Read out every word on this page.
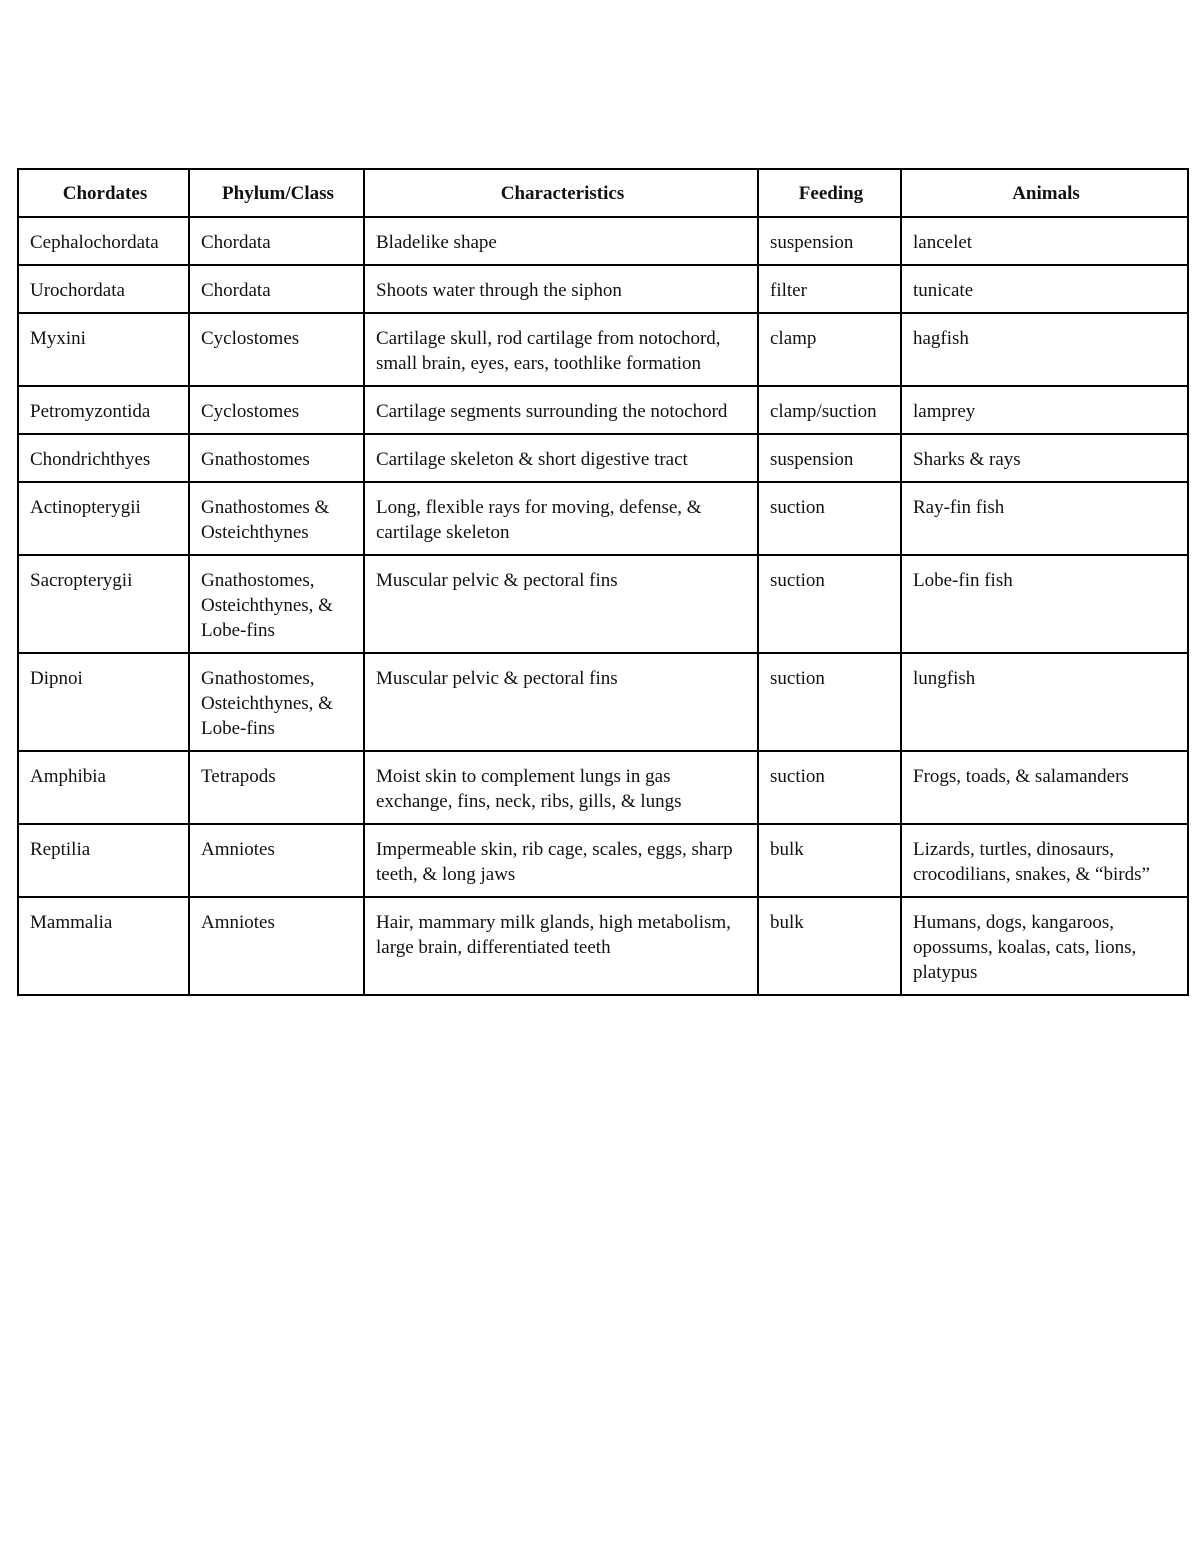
Chordates	Phylum/Class	Characteristics	Feeding	Animals
Cephalochordata	Chordata	Bladelike shape	suspension	lancelet
Urochordata	Chordata	Shoots water through the siphon	filter	tunicate
Myxini	Cyclostomes	Cartilage skull, rod cartilage from notochord, small brain, eyes, ears, toothlike formation	clamp	hagfish
Petromyzontida	Cyclostomes	Cartilage segments surrounding the notochord	clamp/suction	lamprey
Chondrichthyes	Gnathostomes	Cartilage skeleton & short digestive tract	suspension	Sharks & rays
Actinopterygii	Gnathostomes & Osteichthynes	Long, flexible rays for moving, defense, & cartilage skeleton	suction	Ray-fin fish
Sacropterygii	Gnathostomes, Osteichthynes, & Lobe-fins	Muscular pelvic & pectoral fins	suction	Lobe-fin fish
Dipnoi	Gnathostomes, Osteichthynes, & Lobe-fins	Muscular pelvic & pectoral fins	suction	lungfish
Amphibia	Tetrapods	Moist skin to complement lungs in gas exchange, fins, neck, ribs, gills, & lungs	suction	Frogs, toads, & salamanders
Reptilia	Amniotes	Impermeable skin, rib cage, scales, eggs, sharp teeth, & long jaws	bulk	Lizards, turtles, dinosaurs, crocodilians, snakes, & “birds”
Mammalia	Amniotes	Hair, mammary milk glands, high metabolism, large brain, differentiated teeth	bulk	Humans, dogs, kangaroos, opossums, koalas, cats, lions, platypus
